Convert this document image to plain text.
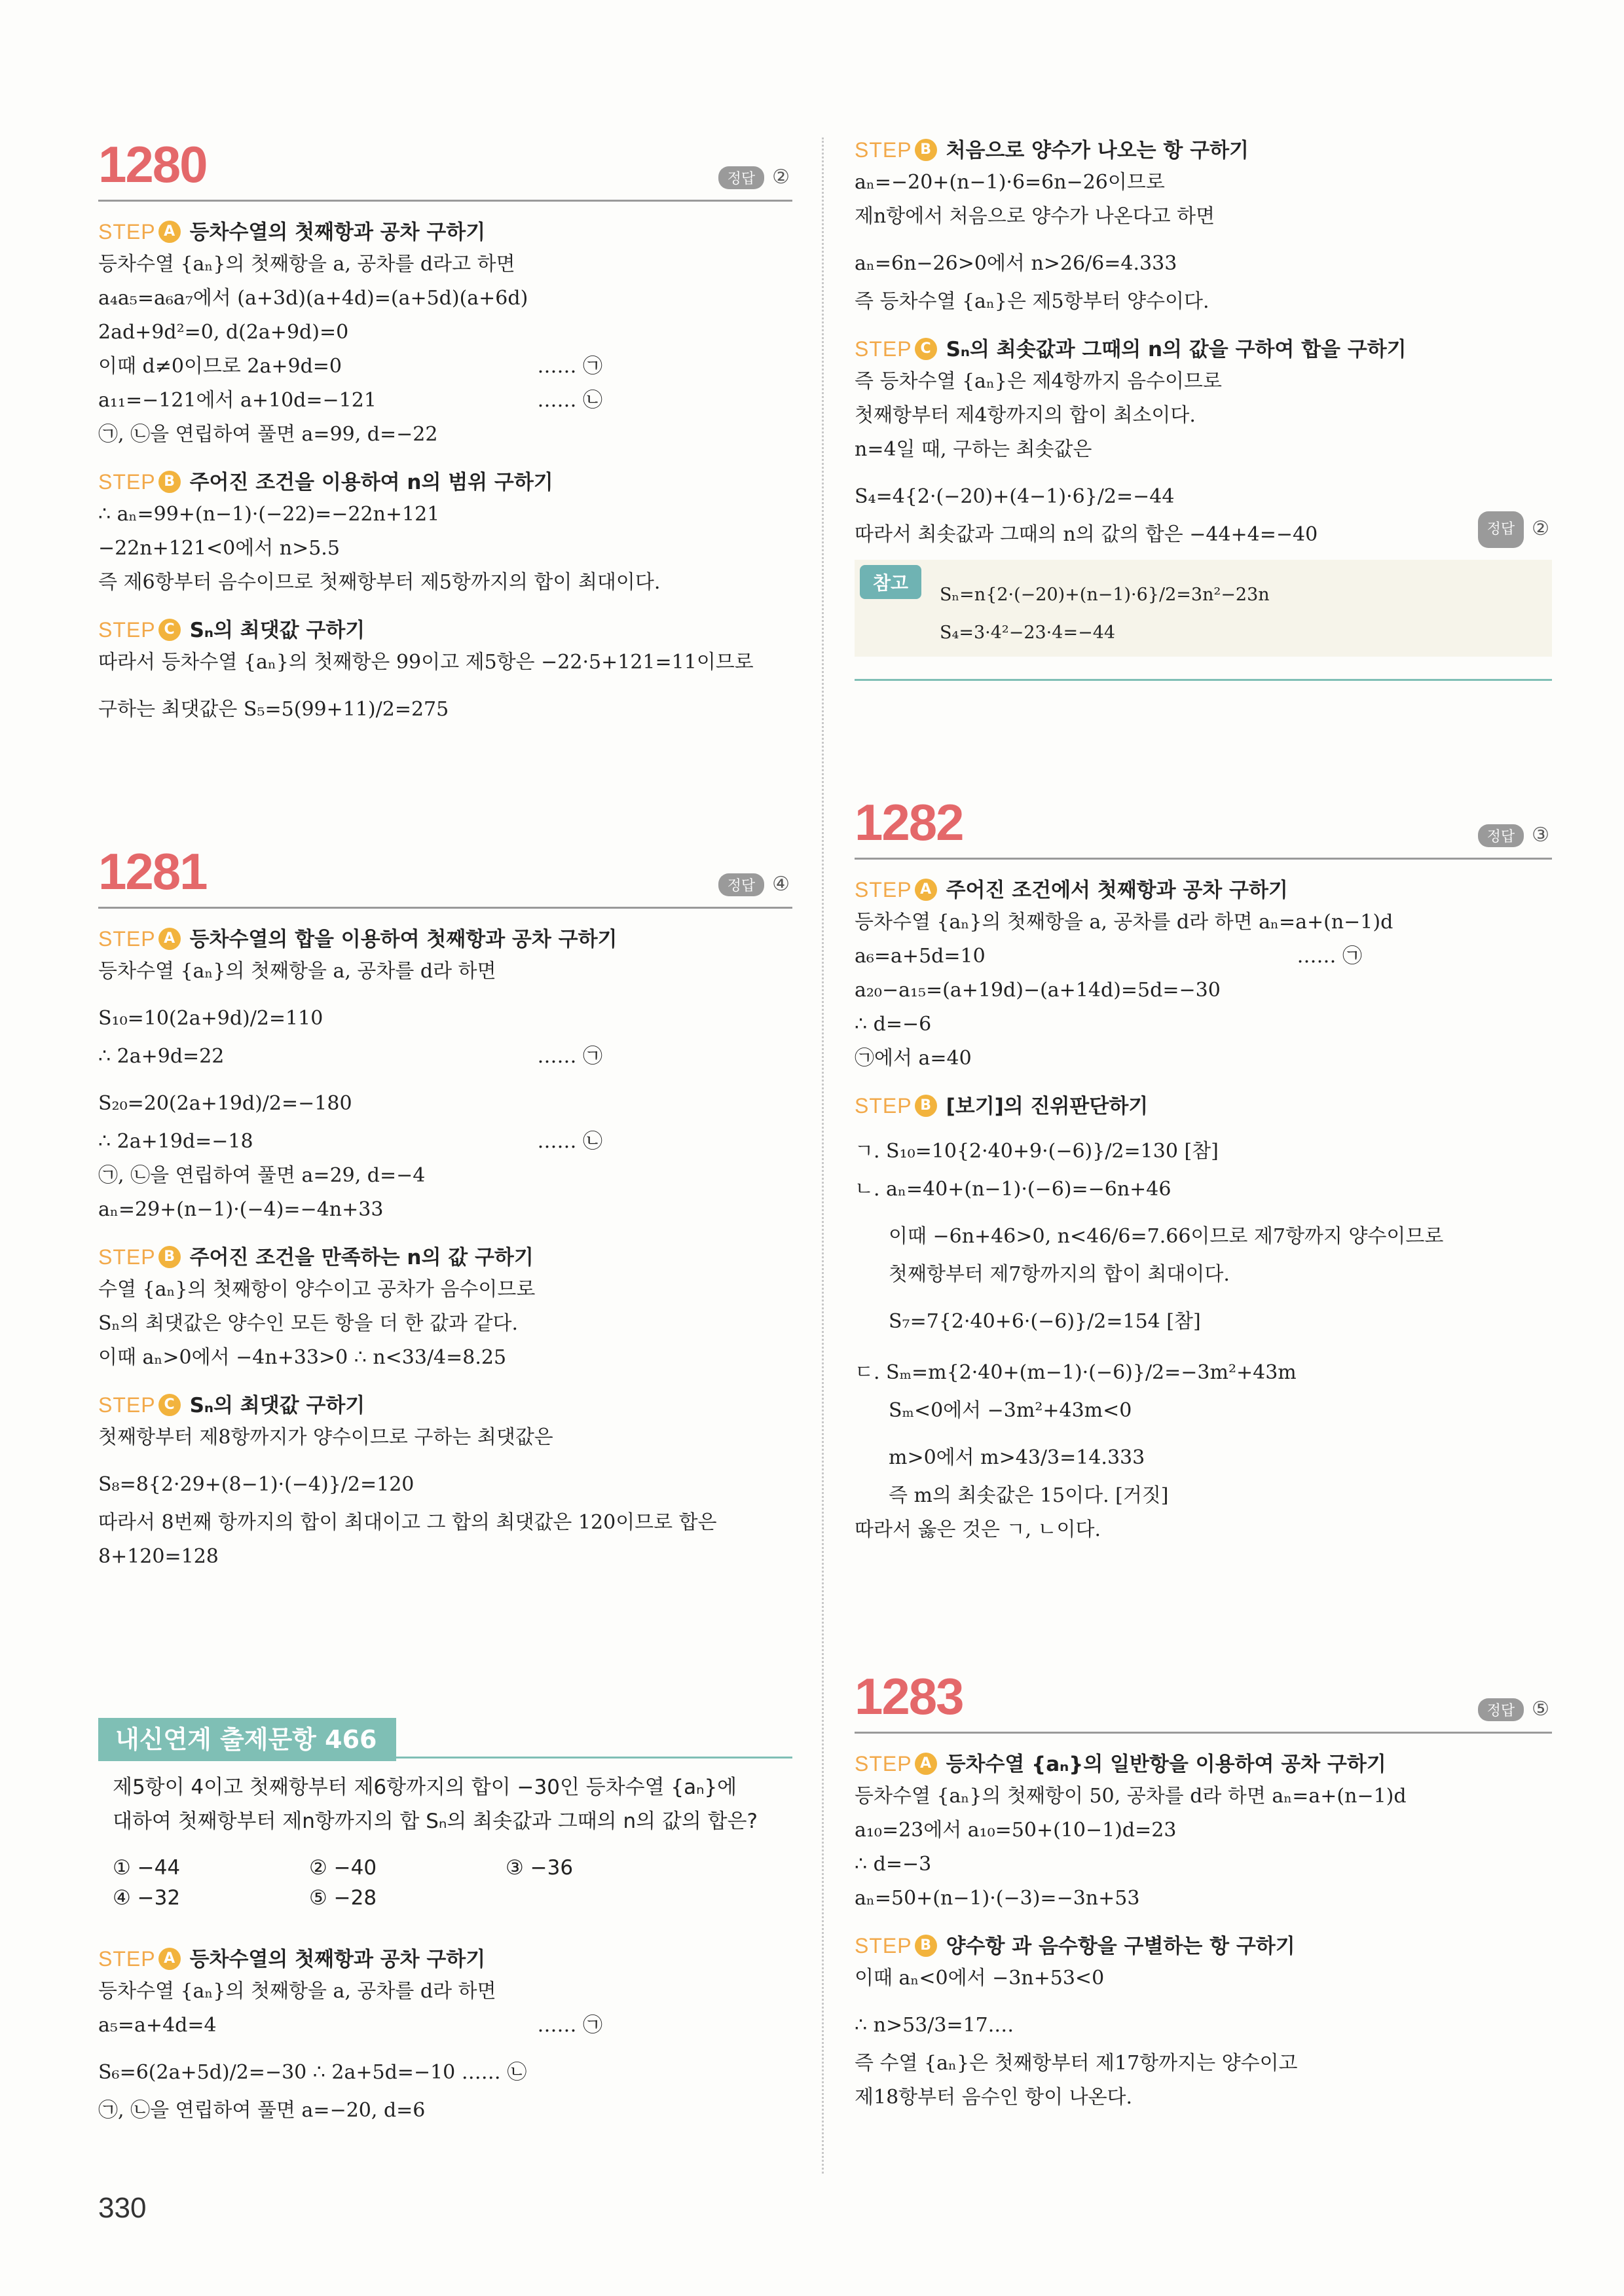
1280	정답 ②
STEP A 등차수열의 첫째항과 공차 구하기
등차수열 {aₙ}의 첫째항을 a, 공차를 d라고 하면
a₄a₅=a₆a₇에서 (a+3d)(a+4d)=(a+5d)(a+6d)
2ad+9d²=0, d(2a+9d)=0
이때 d≠0이므로 2a+9d=0	…… ㉠
a₁₁=−121에서 a+10d=−121	…… ㉡
㉠, ㉡을 연립하여 풀면 a=99, d=−22
STEP B 주어진 조건을 이용하여 n의 범위 구하기
∴ aₙ=99+(n−1)·(−22)=−22n+121
−22n+121<0에서 n>5.5
즉 제6항부터 음수이므로 첫째항부터 제5항까지의 합이 최대이다.
STEP C Sₙ의 최댓값 구하기
따라서 등차수열 {aₙ}의 첫째항은 99이고 제5항은 −22·5+121=11이므로
구하는 최댓값은 S₅=5(99+11)/2=275
1281	정답 ④
STEP A 등차수열의 합을 이용하여 첫째항과 공차 구하기
등차수열 {aₙ}의 첫째항을 a, 공차를 d라 하면
S₁₀=10(2a+9d)/2=110
∴ 2a+9d=22	…… ㉠
S₂₀=20(2a+19d)/2=−180
∴ 2a+19d=−18	…… ㉡
㉠, ㉡을 연립하여 풀면 a=29, d=−4
aₙ=29+(n−1)·(−4)=−4n+33
STEP B 주어진 조건을 만족하는 n의 값 구하기
수열 {aₙ}의 첫째항이 양수이고 공차가 음수이므로
Sₙ의 최댓값은 양수인 모든 항을 더 한 값과 같다.
이때 aₙ>0에서 −4n+33>0 ∴ n<33/4=8.25
STEP C Sₙ의 최댓값 구하기
첫째항부터 제8항까지가 양수이므로 구하는 최댓값은
S₈=8{2·29+(8−1)·(−4)}/2=120
따라서 8번째 항까지의 합이 최대이고 그 합의 최댓값은 120이므로 합은
8+120=128
내신연계 출제문항 466
제5항이 4이고 첫째항부터 제6항까지의 합이 −30인 등차수열 {aₙ}에
대하여 첫째항부터 제n항까지의 합 Sₙ의 최솟값과 그때의 n의 값의 합은?
① −44	② −40	③ −36
④ −32	⑤ −28
STEP A 등차수열의 첫째항과 공차 구하기
등차수열 {aₙ}의 첫째항을 a, 공차를 d라 하면
a₅=a+4d=4	…… ㉠
S₆=6(2a+5d)/2=−30 ∴ 2a+5d=−10 …… ㉡
㉠, ㉡을 연립하여 풀면 a=−20, d=6
330
STEP B 처음으로 양수가 나오는 항 구하기
aₙ=−20+(n−1)·6=6n−26이므로
제n항에서 처음으로 양수가 나온다고 하면
aₙ=6n−26>0에서 n>26/6=4.333
즉 등차수열 {aₙ}은 제5항부터 양수이다.
STEP C Sₙ의 최솟값과 그때의 n의 값을 구하여 합을 구하기
즉 등차수열 {aₙ}은 제4항까지 음수이므로
첫째항부터 제4항까지의 합이 최소이다.
n=4일 때, 구하는 최솟값은
S₄=4{2·(−20)+(4−1)·6}/2=−44
따라서 최솟값과 그때의 n의 값의 합은 −44+4=−40	정답 ②
참고
Sₙ=n{2·(−20)+(n−1)·6}/2=3n²−23n
S₄=3·4²−23·4=−44
1282	정답 ③
STEP A 주어진 조건에서 첫째항과 공차 구하기
등차수열 {aₙ}의 첫째항을 a, 공차를 d라 하면 aₙ=a+(n−1)d
a₆=a+5d=10	…… ㉠
a₂₀−a₁₅=(a+19d)−(a+14d)=5d=−30
∴ d=−6
㉠에서 a=40
STEP B [보기]의 진위판단하기
ㄱ. S₁₀=10{2·40+9·(−6)}/2=130 [참]
ㄴ. aₙ=40+(n−1)·(−6)=−6n+46
이때 −6n+46>0, n<46/6=7.66이므로 제7항까지 양수이므로
첫째항부터 제7항까지의 합이 최대이다.
S₇=7{2·40+6·(−6)}/2=154 [참]
ㄷ. Sₘ=m{2·40+(m−1)·(−6)}/2=−3m²+43m
Sₘ<0에서 −3m²+43m<0
m>0에서 m>43/3=14.333
즉 m의 최솟값은 15이다. [거짓]
따라서 옳은 것은 ㄱ, ㄴ이다.
1283	정답 ⑤
STEP A 등차수열 {aₙ}의 일반항을 이용하여 공차 구하기
등차수열 {aₙ}의 첫째항이 50, 공차를 d라 하면 aₙ=a+(n−1)d
a₁₀=23에서 a₁₀=50+(10−1)d=23
∴ d=−3
aₙ=50+(n−1)·(−3)=−3n+53
STEP B 양수항 과 음수항을 구별하는 항 구하기
이때 aₙ<0에서 −3n+53<0
∴ n>53/3=17.…
즉 수열 {aₙ}은 첫째항부터 제17항까지는 양수이고
제18항부터 음수인 항이 나온다.
